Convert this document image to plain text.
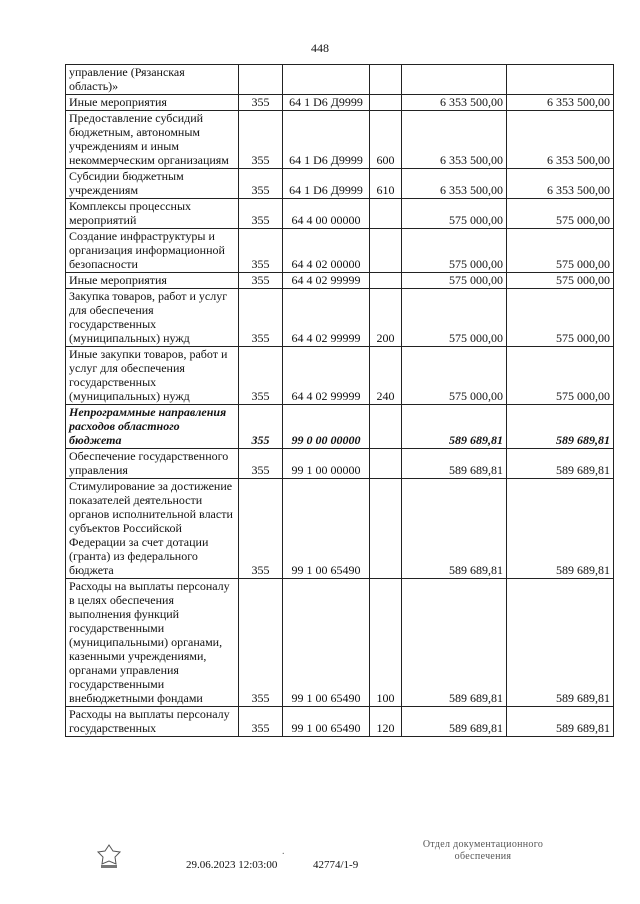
448
управление (Рязанская область)»					
Иные мероприятия	355	64 1 D6 Д9999		6 353 500,00	6 353 500,00
Предоставление субсидий бюджетным, автономным учреждениям и иным некоммерческим организациям	355	64 1 D6 Д9999	600	6 353 500,00	6 353 500,00
Субсидии бюджетным учреждениям	355	64 1 D6 Д9999	610	6 353 500,00	6 353 500,00
Комплексы процессных мероприятий	355	64 4 00 00000		575 000,00	575 000,00
Создание инфраструктуры и организация информационной безопасности	355	64 4 02 00000		575 000,00	575 000,00
Иные мероприятия	355	64 4 02 99999		575 000,00	575 000,00
Закупка товаров, работ и услуг для обеспечения государственных (муниципальных) нужд	355	64 4 02 99999	200	575 000,00	575 000,00
Иные закупки товаров, работ и услуг для обеспечения государственных (муниципальных) нужд	355	64 4 02 99999	240	575 000,00	575 000,00
Непрограммные направления расходов областного бюджета	355	99 0 00 00000		589 689,81	589 689,81
Обеспечение государственного управления	355	99 1 00 00000		589 689,81	589 689,81
Стимулирование за достижение показателей деятельности органов исполнительной власти субъектов Российской Федерации за счет дотации (гранта) из федерального бюджета	355	99 1 00 65490		589 689,81	589 689,81
Расходы на выплаты персоналу в целях обеспечения выполнения функций государственными (муниципальными) органами, казенными учреждениями, органами управления государственными внебюджетными фондами	355	99 1 00 65490	100	589 689,81	589 689,81
Расходы на выплаты персоналу государственных	355	99 1 00 65490	120	589 689,81	589 689,81
.
29.06.2023 12:03:00	42774/1-9
Отдел документационного
обеспечения
